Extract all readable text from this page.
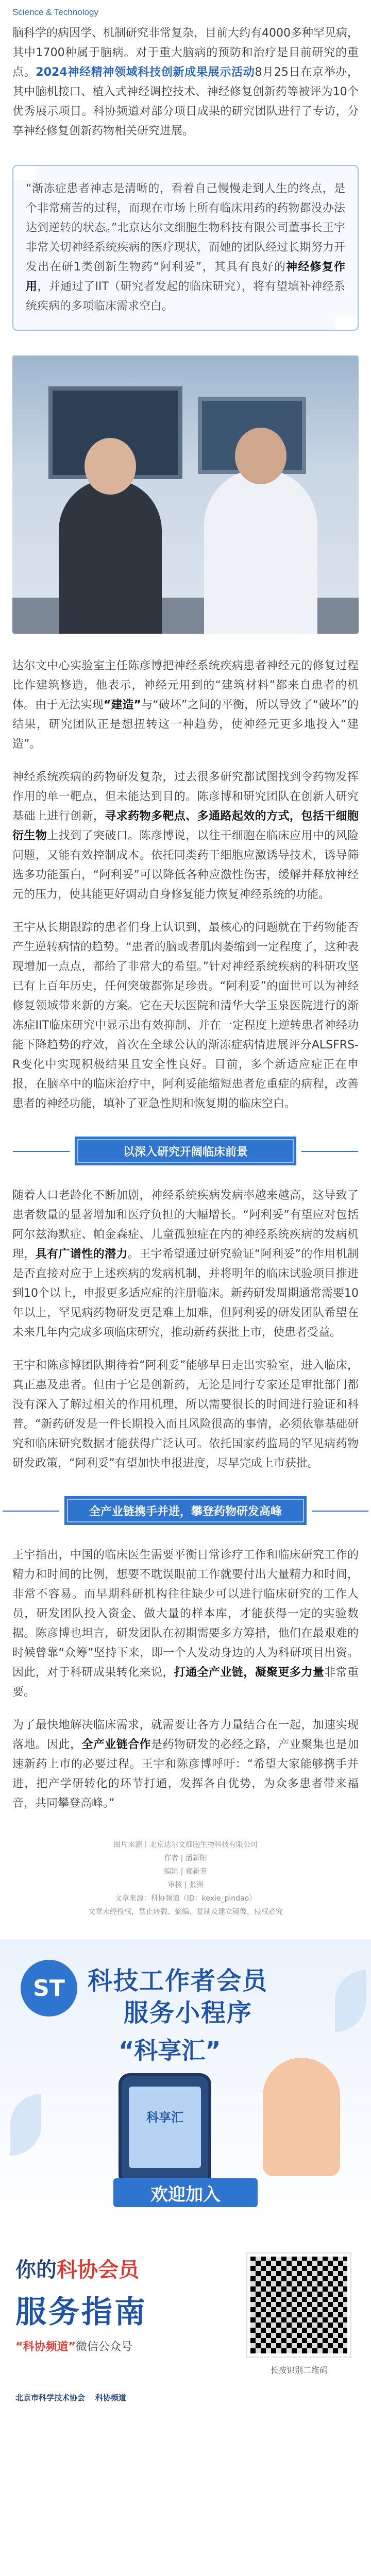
Science & Technology

脑科学的病因学、机制研究非常复杂，目前大约有4000多种罕见病，其中1700种属于脑病。对于重大脑病的预防和治疗是目前研究的重点。2024神经精神领域科技创新成果展示活动8月25日在京举办，其中脑机接口、植入式神经调控技术、神经修复创新药等被评为10个优秀展示项目。科协频道对部分项目成果的研究团队进行了专访，分享神经修复创新药物相关研究进展。

“渐冻症患者神志是清晰的，看着自己慢慢走到人生的终点，是个非常痛苦的过程，而现在市场上所有临床用药的药物都没办法达到逆转的状态。”北京达尔文细胞生物科技有限公司董事长王宇非常关切神经系统疾病的医疗现状，而她的团队经过长期努力开发出在研1类创新生物药“阿利妥”，其具有良好的神经修复作用，并通过了IIT（研究者发起的临床研究），将有望填补神经系统疾病的多项临床需求空白。

达尔文中心实验室主任陈彦博把神经系统疾病患者神经元的修复过程比作建筑修造，他表示，神经元用到的“建筑材料”都来自患者的机体。由于无法实现“建造”与“破坏”之间的平衡，所以导致了“破坏”的结果，研究团队正是想扭转这一种趋势，使神经元更多地投入“建造”。

神经系统疾病的药物研发复杂，过去很多研究都试图找到令药物发挥作用的单一靶点，但未能达到目的。陈彦博和研究团队在创新人研究基础上进行创新，寻求药物多靶点、多通路起效的方式，包括干细胞衍生物上找到了突破口。陈彦博说，以往干细胞在临床应用中的风险问题，又能有效控制成本。依托同类药干细胞应激诱导技术，诱导筛选多功能蛋白，“阿利妥”可以降低各种应激性伤害，缓解并释放神经元的压力，使其能更好调动自身修复能力恢复神经系统的功能。

王宇从长期跟踪的患者们身上认识到，最核心的问题就在于药物能否产生逆转病情的趋势。“患者的脑或者肌肉萎缩到一定程度了，这种表现增加一点点，都给了非常大的希望。”针对神经系统疾病的科研攻坚已有上百年历史，任何突破都弥足珍贵。“阿利妥”的面世可以为神经修复领域带来新的方案。它在天坛医院和清华大学玉泉医院进行的渐冻症IIT临床研究中显示出有效抑制、并在一定程度上逆转患者神经功能下降趋势的疗效，首次在全球公认的渐冻症病情进展评分ALSFRS-R变化中实现积极结果且安全性良好。目前，多个新适应症正在申报，在脑卒中的临床治疗中，阿利妥能缩短患者危重症的病程，改善患者的神经功能，填补了亚急性期和恢复期的临床空白。

以深入研究开阔临床前景

随着人口老龄化不断加剧，神经系统疾病发病率越来越高，这导致了患者数量的显著增加和医疗负担的大幅增长。“阿利妥”有望应对包括阿尔兹海默症、帕金森症、儿童孤独症在内的神经系统疾病的发病机理，具有广谱性的潜力。王宇希望通过研究验证“阿利妥”的作用机制是否直接对应于上述疾病的发病机制，并将明年的临床试验项目推进到10个以上，申报更多适应症的注册临床。新药研发周期通常需要10年以上，罕见病药物研发更是难上加难，但阿利妥的研发团队希望在未来几年内完成多项临床研究，推动新药获批上市，使患者受益。

王宇和陈彦博团队期待着“阿利妥”能够早日走出实验室，进入临床，真正惠及患者。但由于它是创新药，无论是同行专家还是审批部门都没有深入了解过相关的作用机理，所以需要很长的时间进行验证和科普。“新药研发是一件长期投入而且风险很高的事情，必须依靠基础研究和临床研究数据才能获得广泛认可。依托国家药监局的罕见病药物研发政策，“阿利妥”有望加快申报进度，尽早完成上市获批。

全产业链携手并进，攀登药物研发高峰

王宇指出，中国的临床医生需要平衡日常诊疗工作和临床研究工作的精力和时间的比例，想要不耽误眼前工作就要付出大量精力和时间，非常不容易。而早期科研机构往往缺少可以进行临床研究的工作人员，研发团队投入资金、做大量的样本库，才能获得一定的实验数据。陈彦博也坦言，研发团队在初期需要多方筹措，他们在最艰难的时候曾靠“众筹”坚持下来，即一个人发动身边的人为科研项目出资。因此，对于科研成果转化来说，打通全产业链，凝聚更多力量非常重要。

为了最快地解决临床需求，就需要让各方力量结合在一起，加速实现落地。因此，全产业链合作是药物研发的必经之路，产业聚集也是加速新药上市的必要过程。王宇和陈彦博呼吁：“希望大家能够携手并进，把产学研转化的环节打通，发挥各自优势，为众多患者带来福音，共同攀登高峰。”

图片来源丨北京达尔文细胞生物科技有限公司
作者 | 潘新阳
编辑 | 袁新芳
审核 | 张洲
文章来源：科协频道（ID：kexie_pindao）
文章未经授权，禁止转载、摘编、复制及建立镜像，侵权必究
ST 科技工作者会员
服务小程序
“科享汇”
科享汇
欢迎加入
你的科协会员
服务指南
“科协频道”微信公众号
长按识别二维码
北京市科学技术协会 科协频道
